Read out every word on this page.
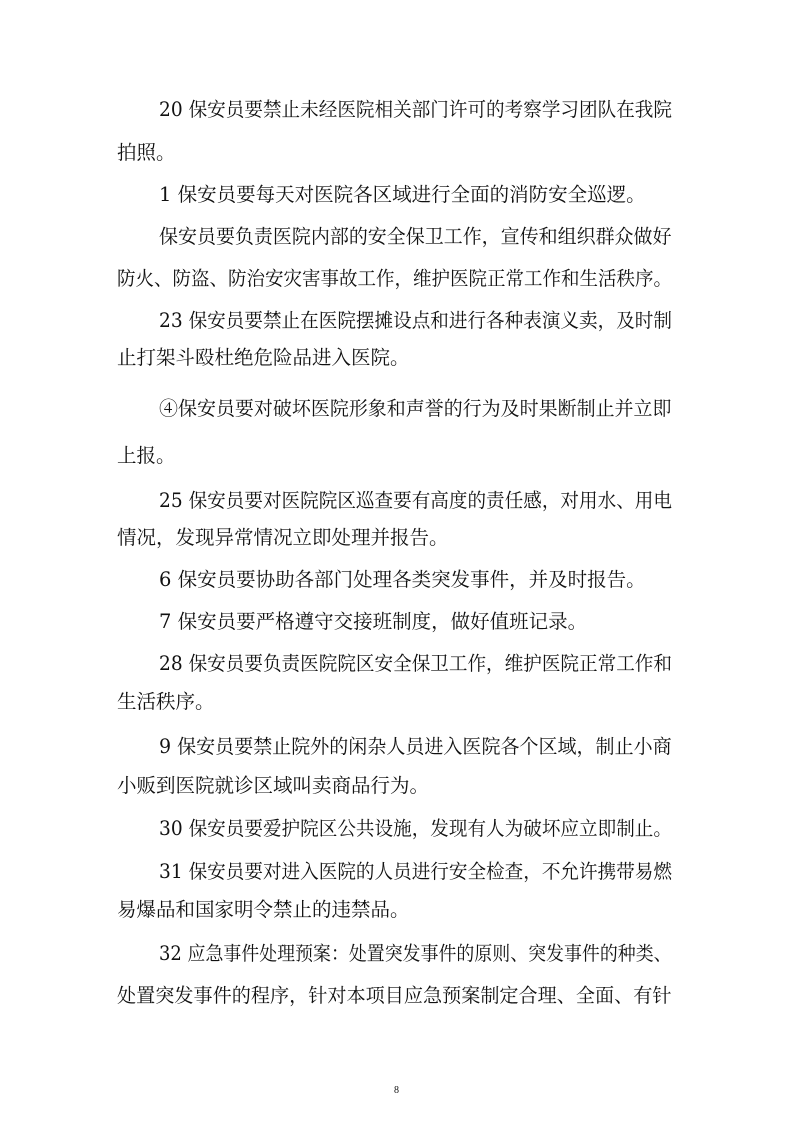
20 保安员要禁止未经医院相关部门许可的考察学习团队在我院

拍照。

1 保安员要每天对医院各区域进行全面的消防安全巡逻。

保安员要负责医院内部的安全保卫工作，宣传和组织群众做好

防火、防盗、防治安灾害事故工作，维护医院正常工作和生活秩序。

23 保安员要禁止在医院摆摊设点和进行各种表演义卖，及时制

止打架斗殴杜绝危险品进入医院。

④保安员要对破坏医院形象和声誉的行为及时果断制止并立即

上报。

25 保安员要对医院院区巡查要有高度的责任感，对用水、用电

情况，发现异常情况立即处理并报告。

6 保安员要协助各部门处理各类突发事件，并及时报告。

7 保安员要严格遵守交接班制度，做好值班记录。

28 保安员要负责医院院区安全保卫工作，维护医院正常工作和

生活秩序。

9 保安员要禁止院外的闲杂人员进入医院各个区域，制止小商

小贩到医院就诊区域叫卖商品行为。

30 保安员要爱护院区公共设施，发现有人为破坏应立即制止。

31 保安员要对进入医院的人员进行安全检查，不允许携带易燃

易爆品和国家明令禁止的违禁品。

32 应急事件处理预案：处置突发事件的原则、突发事件的种类、

处置突发事件的程序，针对本项目应急预案制定合理、全面、有针

8
